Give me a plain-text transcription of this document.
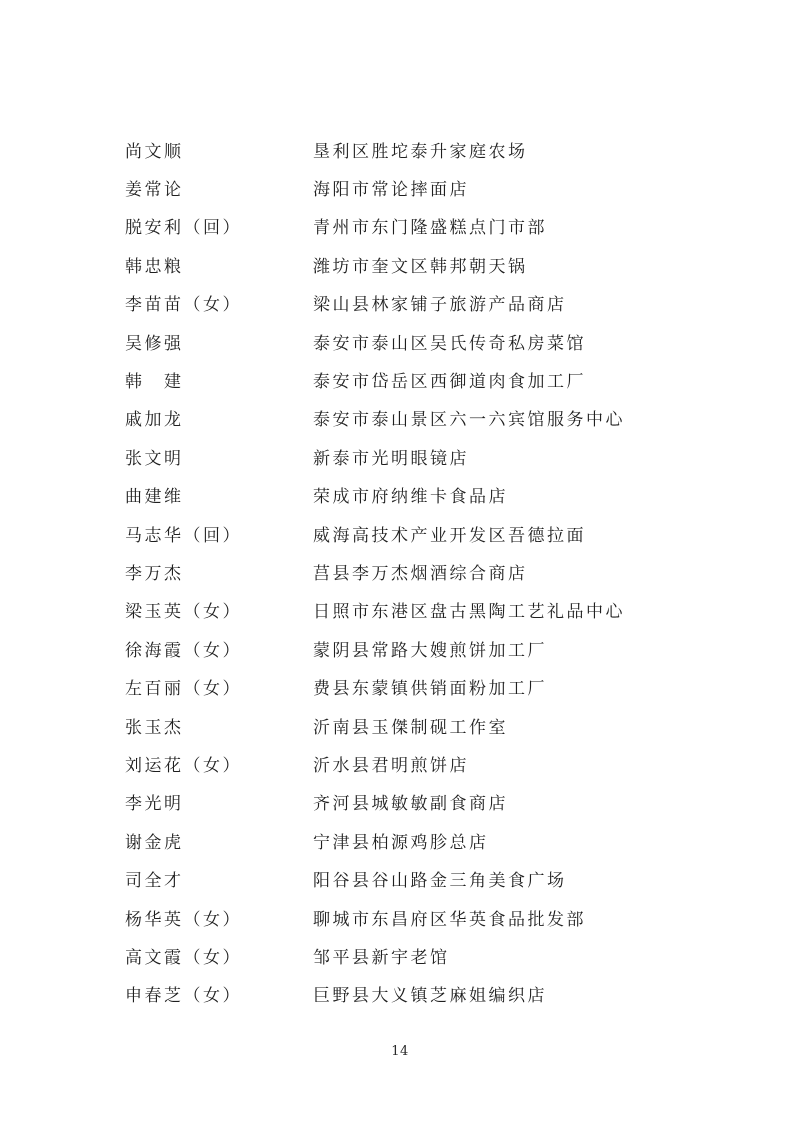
尚文顺	垦利区胜坨泰升家庭农场
姜常论	海阳市常论摔面店
脱安利（回）	青州市东门隆盛糕点门市部
韩忠粮	潍坊市奎文区韩邦朝天锅
李苗苗（女）	梁山县林家铺子旅游产品商店
吴修强	泰安市泰山区吴氏传奇私房菜馆
韩　建	泰安市岱岳区西御道肉食加工厂
戚加龙	泰安市泰山景区六一六宾馆服务中心
张文明	新泰市光明眼镜店
曲建维	荣成市府纳维卡食品店
马志华（回）	威海高技术产业开发区吾德拉面
李万杰	莒县李万杰烟酒综合商店
梁玉英（女）	日照市东港区盘古黑陶工艺礼品中心
徐海霞（女）	蒙阴县常路大嫂煎饼加工厂
左百丽（女）	费县东蒙镇供销面粉加工厂
张玉杰	沂南县玉傑制砚工作室
刘运花（女）	沂水县君明煎饼店
李光明	齐河县城敏敏副食商店
谢金虎	宁津县柏源鸡胗总店
司全才	阳谷县谷山路金三角美食广场
杨华英（女）	聊城市东昌府区华英食品批发部
高文霞（女）	邹平县新宇老馆
申春芝（女）	巨野县大义镇芝麻姐编织店
14
